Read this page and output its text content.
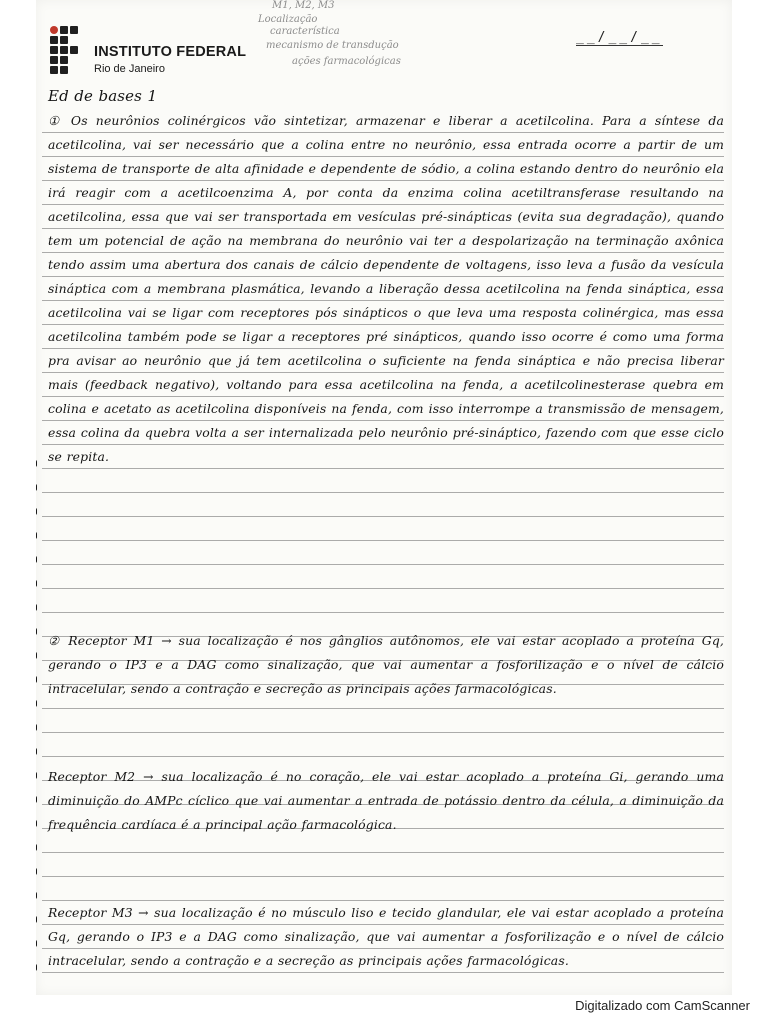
INSTITUTO FEDERAL
Rio de Janeiro
M1, M2, M3
Localização
característica
mecanismo de transdução
ações farmacológicas
__/__/__

Ed de bases 1

① Os neurônios colinérgicos vão sintetizar, armazenar e liberar a acetilcolina. Para a síntese da acetilcolina, vai ser necessário que a colina entre no neurônio, essa entrada ocorre a partir de um sistema de transporte de alta afinidade e dependente de sódio, a colina estando dentro do neurônio ela irá reagir com a acetilcoenzima A, por conta da enzima colina acetiltransferase resultando na acetilcolina, essa que vai ser transportada em vesículas pré-sinápticas (evita sua degradação), quando tem um potencial de ação na membrana do neurônio vai ter a despolarização na terminação axônica tendo assim uma abertura dos canais de cálcio dependente de voltagens, isso leva a fusão da vesícula sináptica com a membrana plasmática, levando a liberação dessa acetilcolina na fenda sináptica, essa acetilcolina vai se ligar com receptores pós sinápticos o que leva uma resposta colinérgica, mas essa acetilcolina também pode se ligar a receptores pré sinápticos, quando isso ocorre é como uma forma pra avisar ao neurônio que já tem acetilcolina o suficiente na fenda sináptica e não precisa liberar mais (feedback negativo), voltando para essa acetilcolina na fenda, a acetilcolinesterase quebra em colina e acetato as acetilcolina disponíveis na fenda, com isso interrompe a transmissão de mensagem, essa colina da quebra volta a ser internalizada pelo neurônio pré-sináptico, fazendo com que esse ciclo se repita.

② Receptor M1 → sua localização é nos gânglios autônomos, ele vai estar acoplado a proteína Gq, gerando o IP3 e a DAG como sinalização, que vai aumentar a fosforilização e o nível de cálcio intracelular, sendo a contração e secreção as principais ações farmacológicas.

Receptor M2 → sua localização é no coração, ele vai estar acoplado a proteína Gi, gerando uma diminuição do AMPc cíclico que vai aumentar a entrada de potássio dentro da célula, a diminuição da frequência cardíaca é a principal ação farmacológica.

Receptor M3 → sua localização é no músculo liso e tecido glandular, ele vai estar acoplado a proteína Gq, gerando o IP3 e a DAG como sinalização, que vai aumentar a fosforilização e o nível de cálcio intracelular, sendo a contração e a secreção as principais ações farmacológicas.

Digitalizado com CamScanner
